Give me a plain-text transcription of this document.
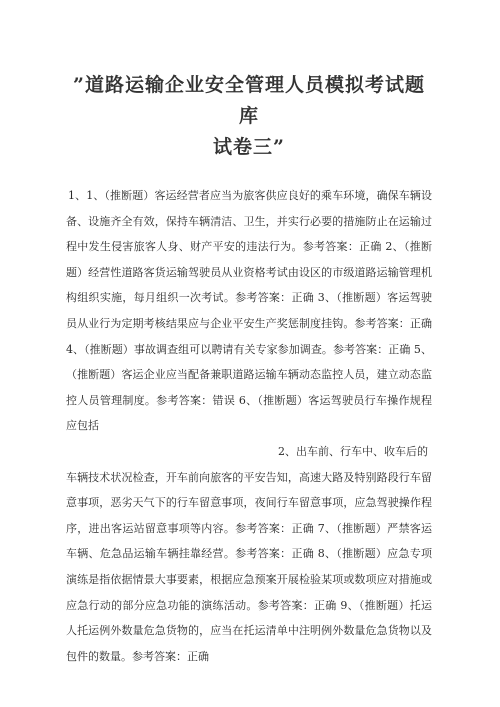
”道路运输企业安全管理人员模拟考试题库
试卷三”

1、1、（推断题）客运经营者应当为旅客供应良好的乘车环境，确保车辆设备、设施齐全有效，保持车辆清洁、卫生，并实行必要的措施防止在运输过程中发生侵害旅客人身、财产平安的违法行为。参考答案：正确 2、（推断题）经营性道路客货运输驾驶员从业资格考试由设区的市级道路运输管理机构组织实施，每月组织一次考试。参考答案：正确 3、（推断题）客运驾驶员从业行为定期考核结果应与企业平安生产奖惩制度挂钩。参考答案：正确 4、（推断题）事故调查组可以聘请有关专家参加调查。参考答案：正确 5、（推断题）客运企业应当配备兼职道路运输车辆动态监控人员，建立动态监控人员管理制度。参考答案：错误 6、（推断题）客运驾驶员行车操作规程应包括

2、出车前、行车中、收车后的

车辆技术状况检查，开车前向旅客的平安告知，高速大路及特别路段行车留意事项，恶劣天气下的行车留意事项，夜间行车留意事项，应急驾驶操作程序，进出客运站留意事项等内容。参考答案：正确 7、（推断题）严禁客运车辆、危急品运输车辆挂靠经营。参考答案：正确 8、（推断题）应急专项演练是指依据情景大事要素，根据应急预案开展检验某项或数项应对措施或应急行动的部分应急功能的演练活动。参考答案：正确 9、（推断题）托运人托运例外数量危急货物的，应当在托运清单中注明例外数量危急货物以及包件的数量。参考答案：正确
